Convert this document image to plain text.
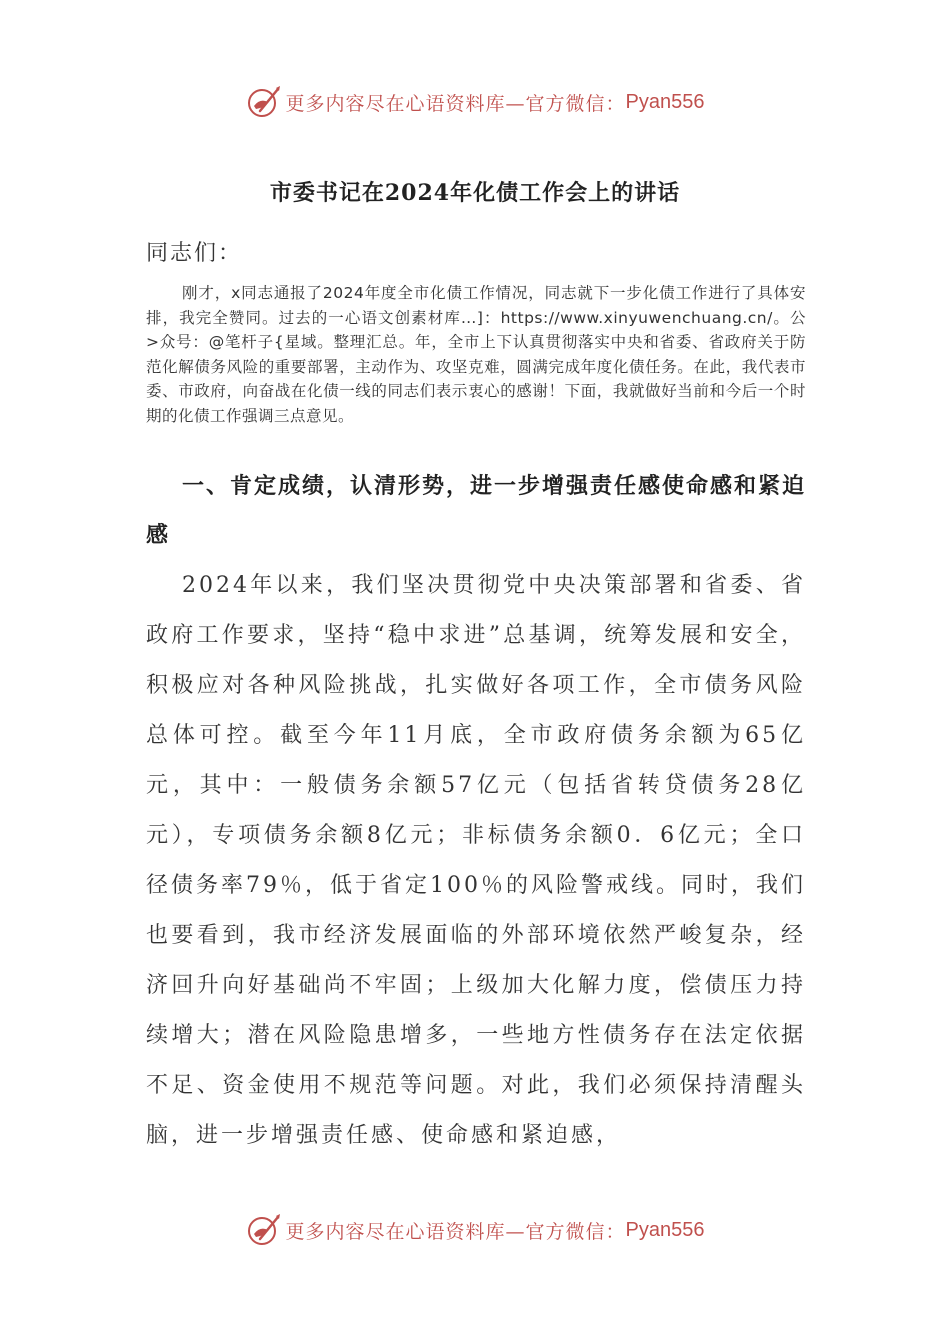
更多内容尽在心语资料库—官方微信： Pyan556
市委书记在2024年化债工作会上的讲话
同志们：

刚才，x同志通报了2024年度全市化债工作情况，同志就下一步化债工作进行了具体安排，我完全赞同。过去的一心语文创素材库…]：https://www.xinyuwenchuang.cn/。公>众号：@笔杆子{星域。整理汇总。年，全市上下认真贯彻落实中央和省委、省政府关于防范化解债务风险的重要部署，主动作为、攻坚克难，圆满完成年度化债任务。在此，我代表市委、市政府，向奋战在化债一线的同志们表示衷心的感谢！下面，我就做好当前和今后一个时期的化债工作强调三点意见。

一、肯定成绩，认清形势，进一步增强责任感使命感和紧迫感

2024年以来，我们坚决贯彻党中央决策部署和省委、省政府工作要求，坚持“稳中求进”总基调，统筹发展和安全，积极应对各种风险挑战，扎实做好各项工作，全市债务风险总体可控。截至今年11月底，全市政府债务余额为65亿元，其中：一般债务余额57亿元（包括省转贷债务28亿元），专项债务余额8亿元；非标债务余额0．6亿元；全口径债务率79％，低于省定100％的风险警戒线。同时，我们也要看到，我市经济发展面临的外部环境依然严峻复杂，经济回升向好基础尚不牢固；上级加大化解力度，偿债压力持续增大；潜在风险隐患增多，一些地方性债务存在法定依据不足、资金使用不规范等问题。对此，我们必须保持清醒头脑，进一步增强责任感、使命感和紧迫感，

更多内容尽在心语资料库—官方微信： Pyan556
